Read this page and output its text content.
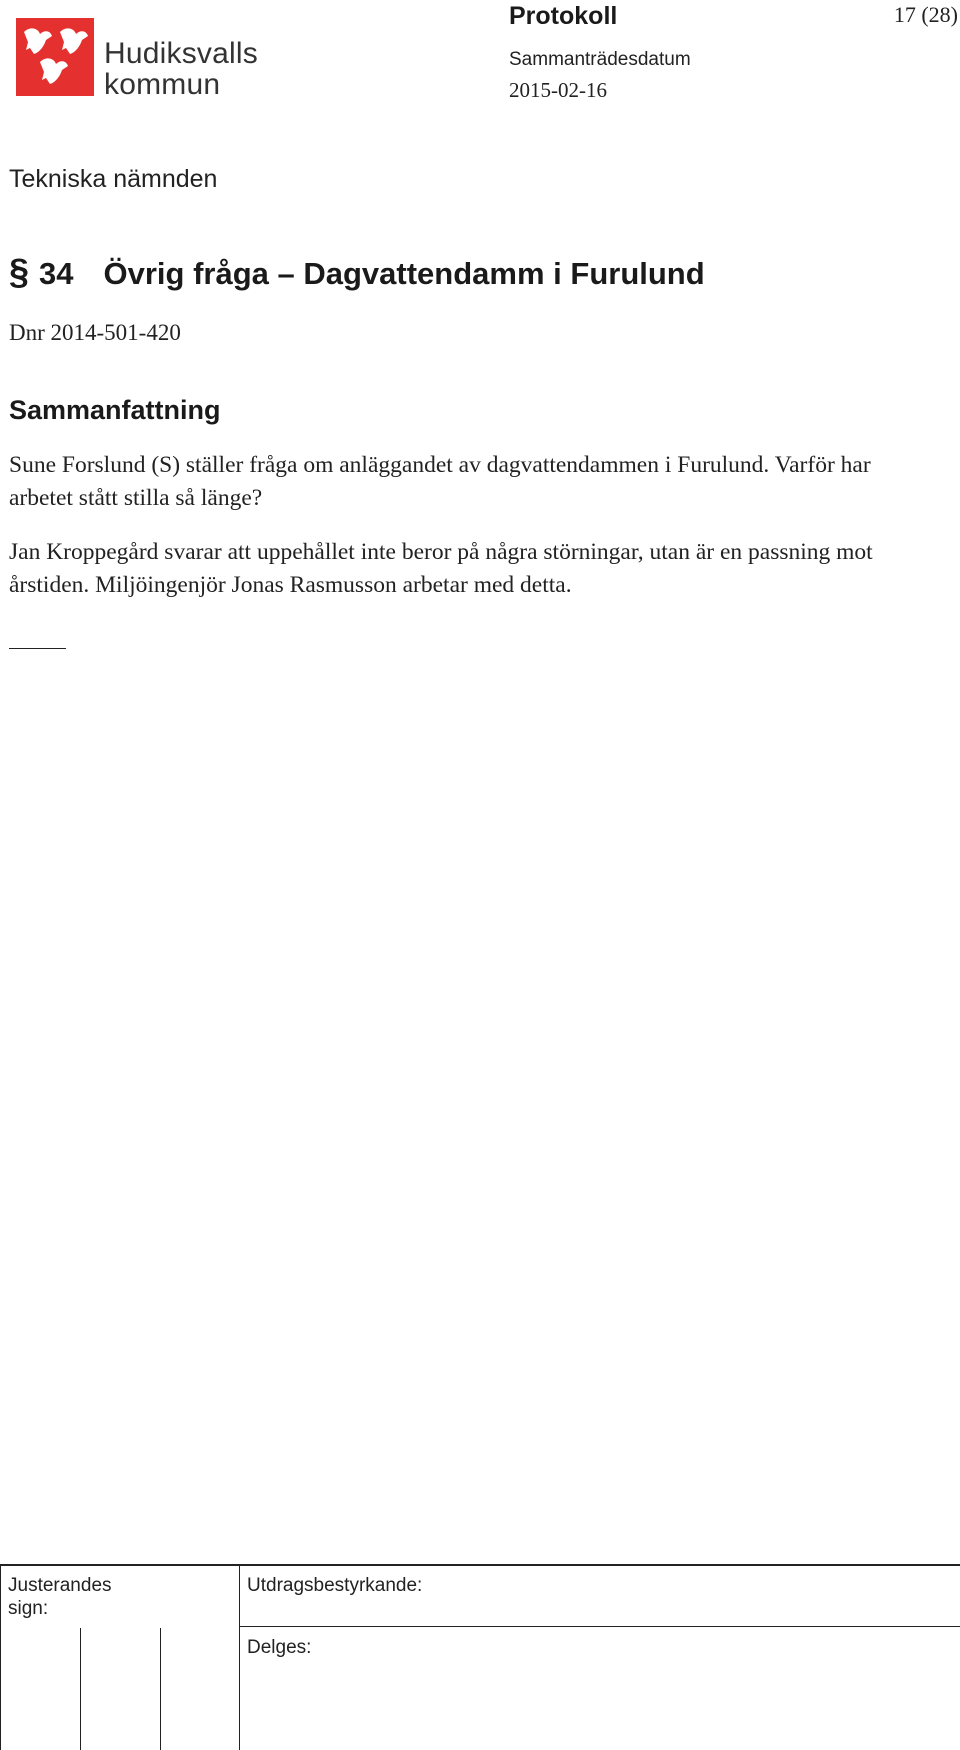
Hudiksvalls
kommun
Protokoll	17 (28)
Sammanträdesdatum
2015-02-16
Tekniska nämnden
§ 34 Övrig fråga – Dagvattendamm i Furulund
Dnr 2014-501-420
Sammanfattning
Sune Forslund (S) ställer fråga om anläggandet av dagvattendammen i Furulund. Varför har arbetet stått stilla så länge?
Jan Kroppegård svarar att uppehållet inte beror på några störningar, utan är en passning mot årstiden. Miljöingenjör Jonas Rasmusson arbetar med detta.
Justerandes sign:
Utdragsbestyrkande:
Delges:
